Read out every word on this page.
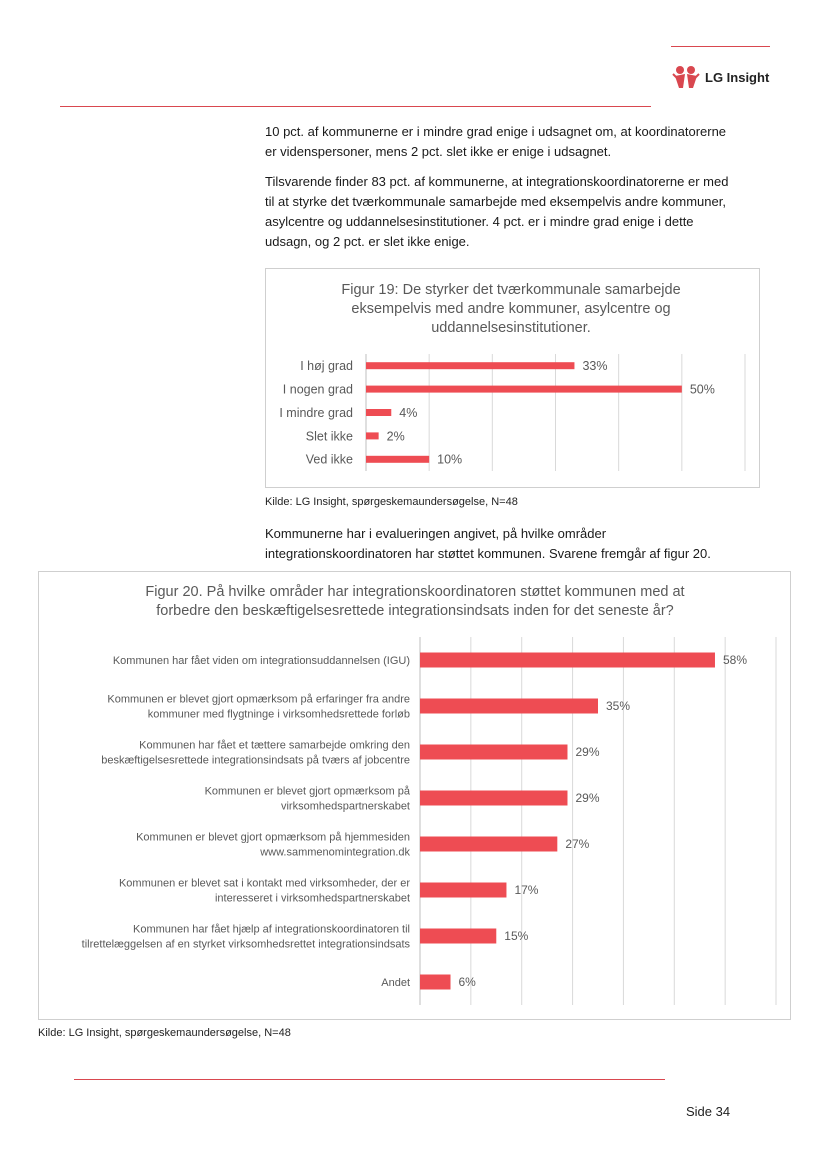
LG Insight

10 pct. af kommunerne er i mindre grad enige i udsagnet om, at koordinatorerne er videnspersoner, mens 2 pct. slet ikke er enige i udsagnet.

Tilsvarende finder 83 pct. af kommunerne, at integrationskoordinatorerne er med til at styrke det tværkommunale samarbejde med eksempelvis andre kommuner, asylcentre og uddannelsesinstitutioner. 4 pct. er i mindre grad enige i dette udsagn, og 2 pct. er slet ikke enige.

Figur 19: De styrker det tværkommunale samarbejde eksempelvis med andre kommuner, asylcentre og uddannelsesinstitutioner.
33%
I høj grad
50%
I nogen grad
4%
I mindre grad
2%
Slet ikke
10%
Ved ikke
Kilde: LG Insight, spørgeskemaundersøgelse, N=48

Kommunerne har i evalueringen angivet, på hvilke områder integrationskoordinatoren har støttet kommunen. Svarene fremgår af figur 20.

Figur 20. På hvilke områder har integrationskoordinatoren støttet kommunen med at forbedre den beskæftigelsesrettede integrationsindsats inden for det seneste år?
58%
Kommunen har fået viden om integrationsuddannelsen (IGU)
35%
Kommunen er blevet gjort opmærksom på erfaringer fra andre
kommuner med flygtninge i virksomhedsrettede forløb
29%
Kommunen har fået et tættere samarbejde omkring den
beskæftigelsesrettede integrationsindsats på tværs af jobcentre
29%
Kommunen er blevet gjort opmærksom på
virksomhedspartnerskabet
27%
Kommunen er blevet gjort opmærksom på hjemmesiden
www.sammenomintegration.dk
17%
Kommunen er blevet sat i kontakt med virksomheder, der er
interesseret i virksomhedspartnerskabet
15%
Kommunen har fået hjælp af integrationskoordinatoren til
tilrettelæggelsen af en styrket virksomhedsrettet integrationsindsats
6%
Andet
Kilde: LG Insight, spørgeskemaundersøgelse, N=48
Side 34
